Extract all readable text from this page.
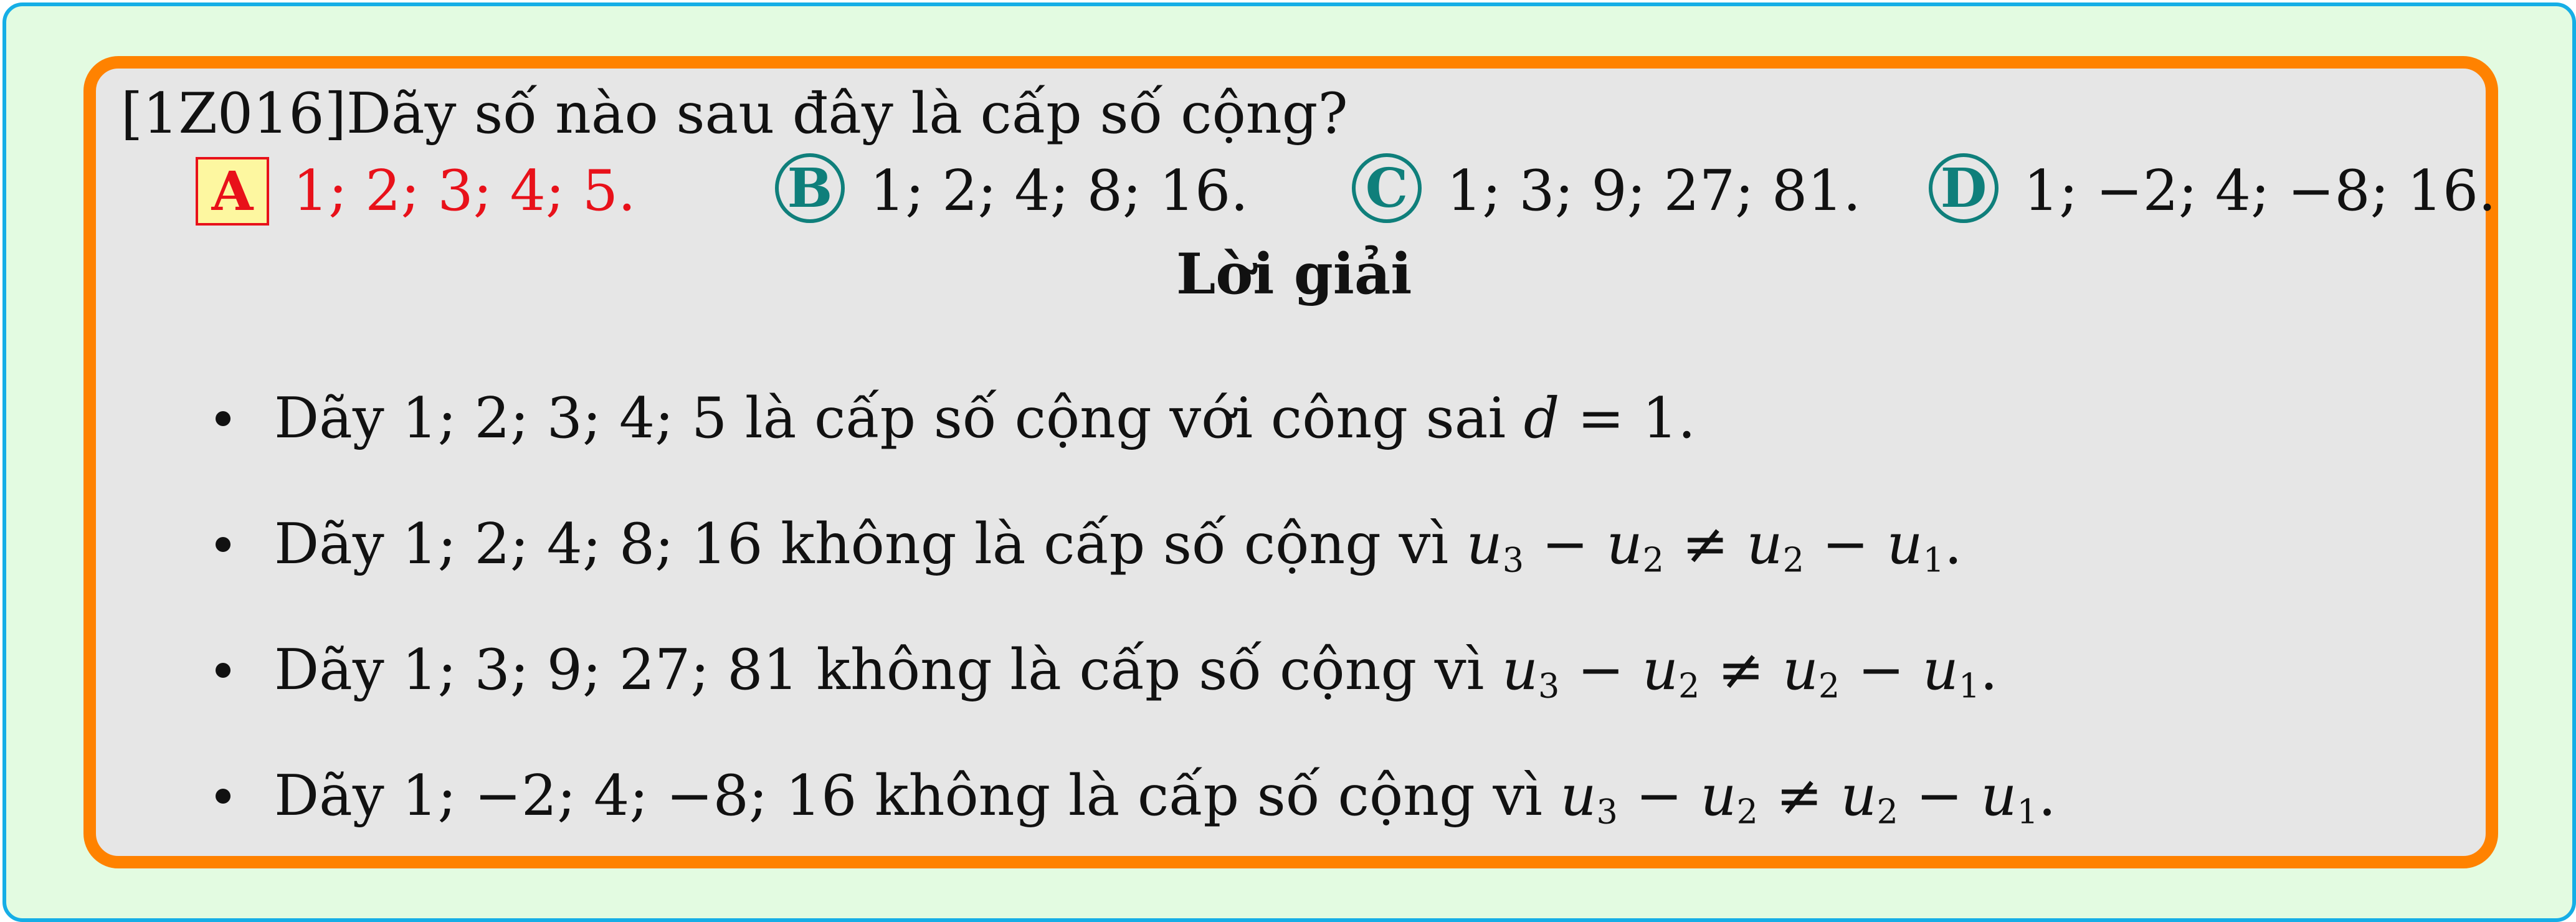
[1Z016]Dãy số nào sau đây là cấp số cộng?
A 1; 2; 3; 4; 5.	B 1; 2; 4; 8; 16. C 1; 3; 9; 27; 81. D 1; −2; 4; −8; 16.
Lời giải
Dãy 1; 2; 3; 4; 5 là cấp số cộng với công sai d = 1.
Dãy 1; 2; 4; 8; 16 không là cấp số cộng vì $u_3 - u_2 \ne u_2 - u_1$.
Dãy 1; 3; 9; 27; 81 không là cấp số cộng vì $u_3 - u_2 \ne u_2 - u_1$.
Dãy 1; −2; 4; −8; 16 không là cấp số cộng vì $u_3 - u_2 \ne u_2 - u_1$.
